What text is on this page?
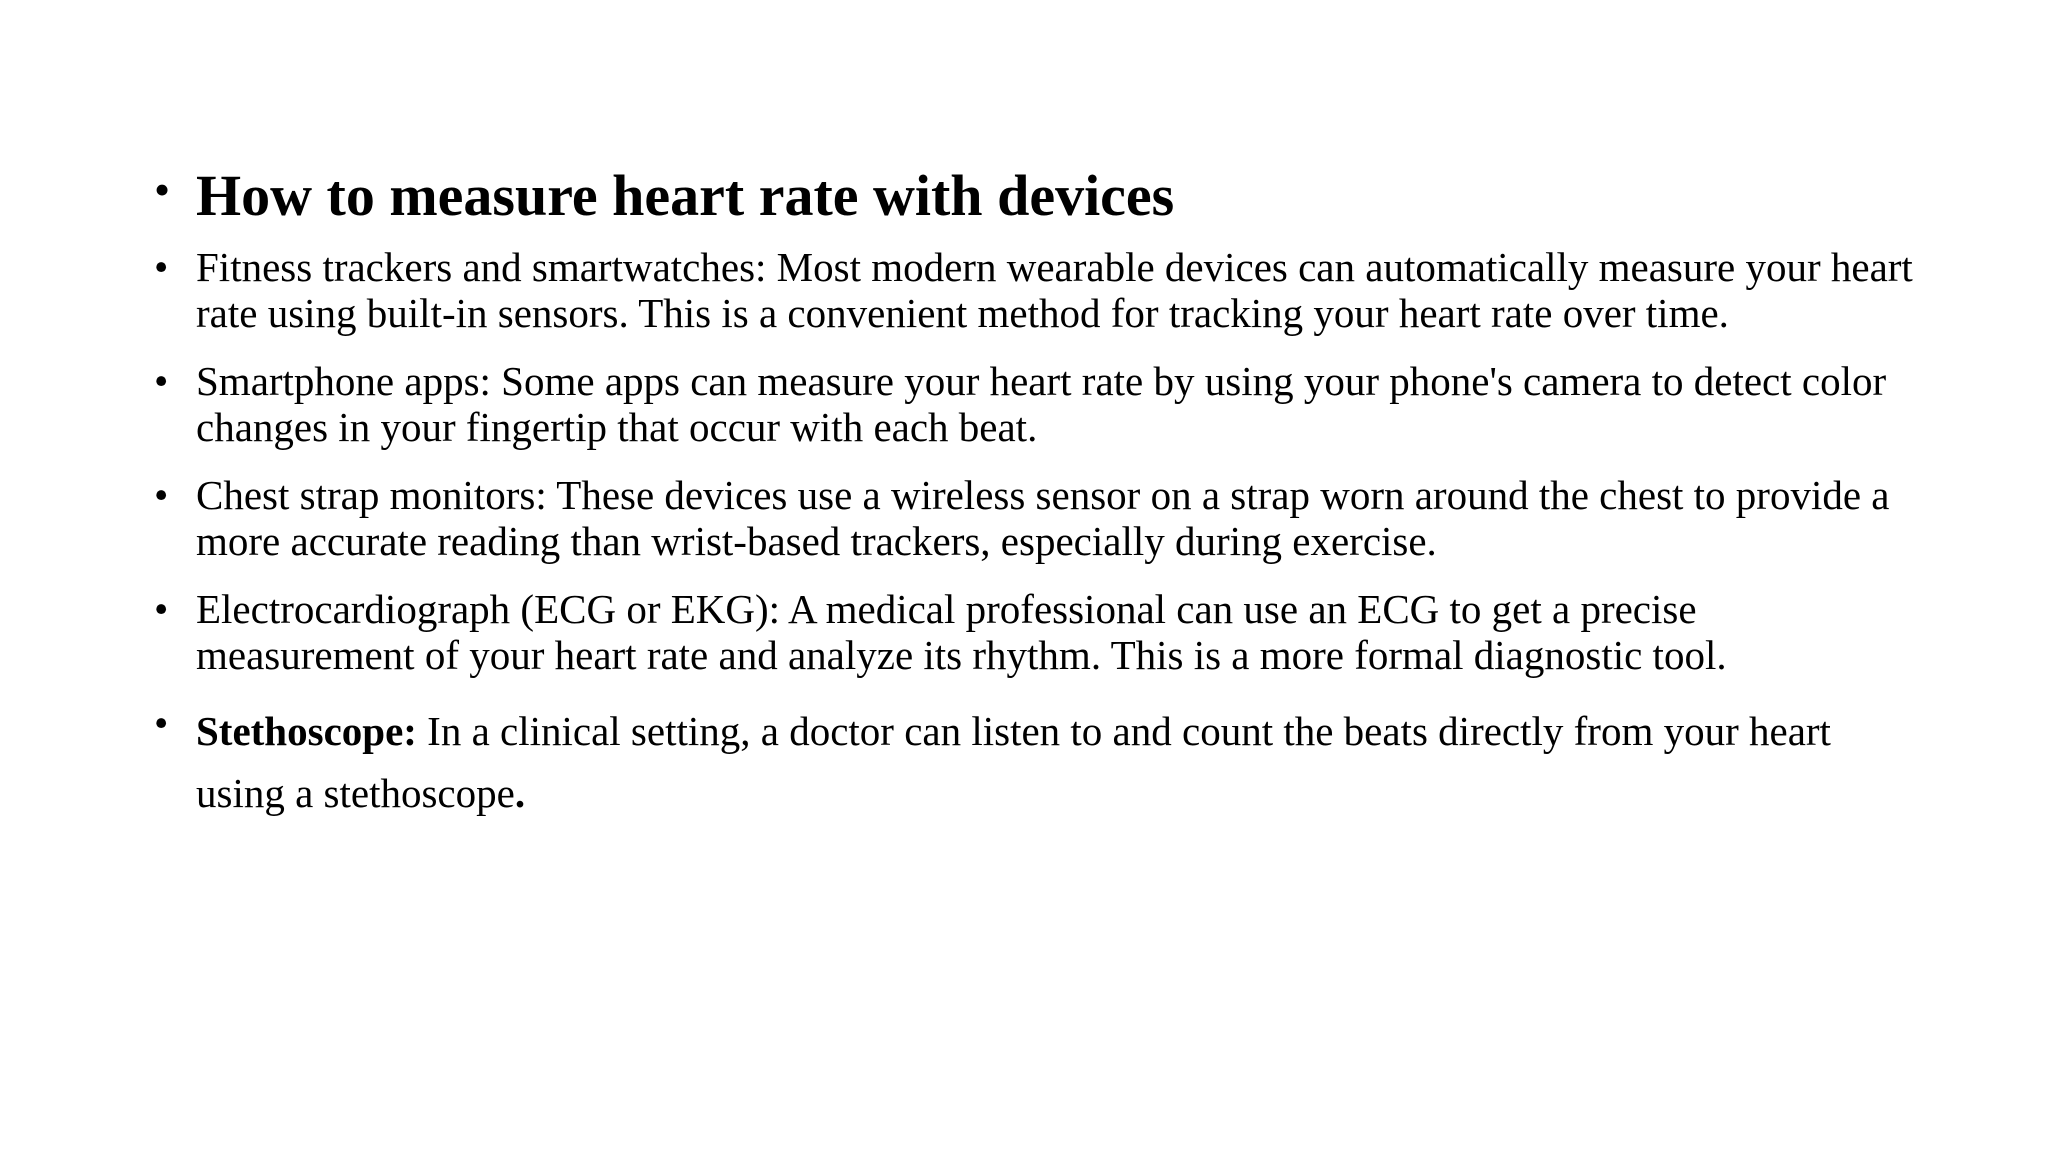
• How to measure heart rate with devices
• Fitness trackers and smartwatches: Most modern wearable devices can automatically measure your heart rate using built-in sensors. This is a convenient method for tracking your heart rate over time.
• Smartphone apps: Some apps can measure your heart rate by using your phone's camera to detect color changes in your fingertip that occur with each beat.
• Chest strap monitors: These devices use a wireless sensor on a strap worn around the chest to provide a more accurate reading than wrist-based trackers, especially during exercise.
• Electrocardiograph (ECG or EKG): A medical professional can use an ECG to get a precise measurement of your heart rate and analyze its rhythm. This is a more formal diagnostic tool.
• Stethoscope: In a clinical setting, a doctor can listen to and count the beats directly from your heart using a stethoscope.
